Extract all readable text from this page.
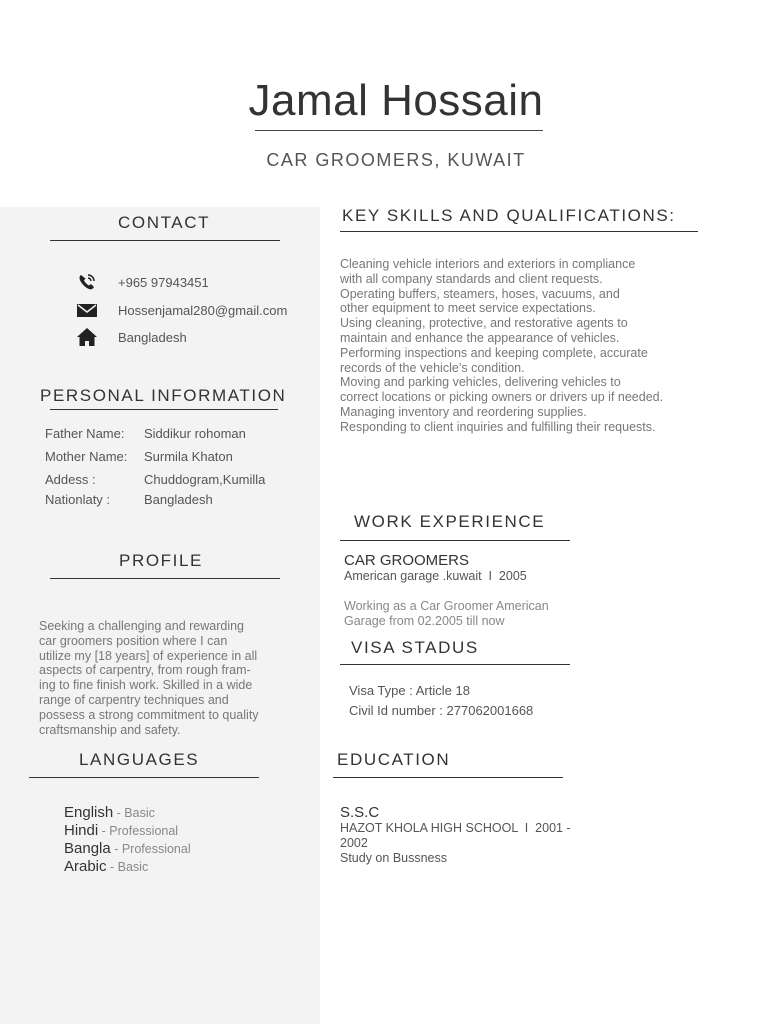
Jamal Hossain
CAR GROOMERS, KUWAIT
CONTACT
+965 97943451
Hossenjamal280@gmail.com
Bangladesh
PERSONAL INFORMATION
Father Name: Siddikur rohoman
Mother Name: Surmila Khaton
Addess :	Chuddogram,Kumilla
Nationlaty :	Bangladesh
PROFILE
Seeking a challenging and rewarding
car groomers position where I can
utilize my [18 years] of experience in all
aspects of carpentry, from rough fram-
ing to fine finish work. Skilled in a wide
range of carpentry techniques and
possess a strong commitment to quality
craftsmanship and safety.
LANGUAGES
English - Basic
Hindi - Professional
Bangla - Professional
Arabic - Basic
KEY SKILLS AND QUALIFICATIONS:
Cleaning vehicle interiors and exteriors in compliance
with all company standards and client requests.
Operating buffers, steamers, hoses, vacuums, and
other equipment to meet service expectations.
Using cleaning, protective, and restorative agents to
maintain and enhance the appearance of vehicles.
Performing inspections and keeping complete, accurate
records of the vehicle’s condition.
Moving and parking vehicles, delivering vehicles to
correct locations or picking owners or drivers up if needed.
Managing inventory and reordering supplies.
Responding to client inquiries and fulfilling their requests.
WORK EXPERIENCE
CAR GROOMERS
American garage .kuwait  I  2005
Working as a Car Groomer American
Garage from 02.2005 till now
VISA STADUS
Visa Type : Article 18
Civil Id number : 277062001668
EDUCATION
S.S.C
HAZOT KHOLA HIGH SCHOOL  I  2001 -
2002
Study on Bussness
